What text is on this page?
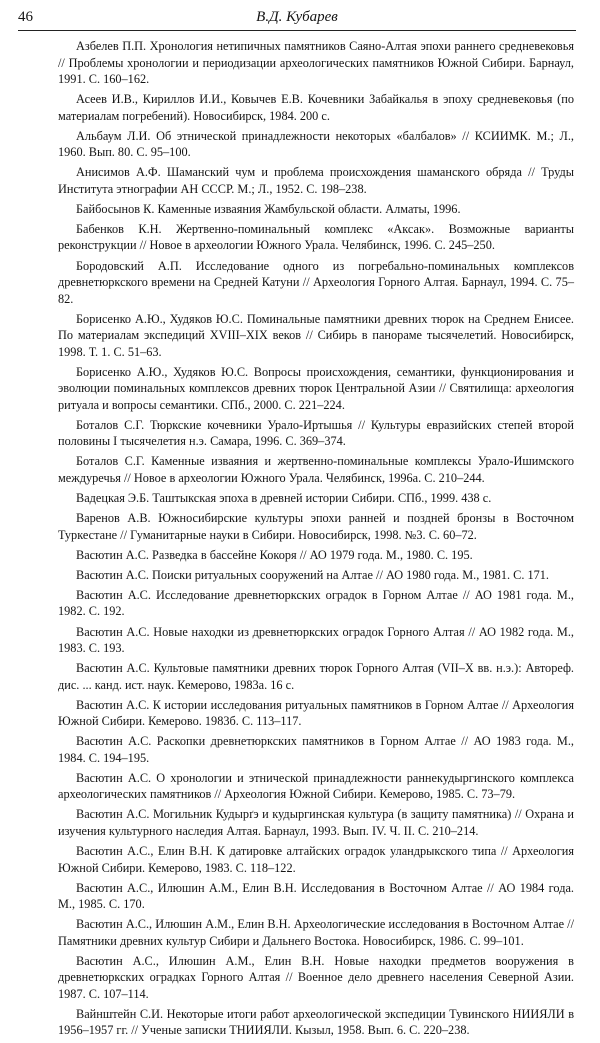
46	В.Д. Кубарев

Азбелев П.П. Хронология нетипичных памятников Саяно-Алтая эпохи раннего средневековья // Проблемы хронологии и периодизации археологических памятников Южной Сибири. Барнаул, 1991. С. 160–162.

Асеев И.В., Кириллов И.И., Ковычев Е.В. Кочевники Забайкалья в эпоху средневековья (по материалам погребений). Новосибирск, 1984. 200 с.

Альбаум Л.И. Об этнической принадлежности некоторых «балбалов» // КСИИМК. М.; Л., 1960. Вып. 80. С. 95–100.

Анисимов А.Ф. Шаманский чум и проблема происхождения шаманского обряда // Труды Института этнографии АН СССР. М.; Л., 1952. С. 198–238.

Байбосынов К. Каменные изваяния Жамбульской области. Алматы, 1996.

Бабенков К.Н. Жертвенно-поминальный комплекс «Аксак». Возможные варианты реконструкции // Новое в археологии Южного Урала. Челябинск, 1996. С. 245–250.

Бородовский А.П. Исследование одного из погребально-поминальных комплексов древнетюркского времени на Средней Катуни // Археология Горного Алтая. Барнаул, 1994. С. 75–82.

Борисенко А.Ю., Худяков Ю.С. Поминальные памятники древних тюрок на Среднем Енисее. По материалам экспедиций XVIII–XIX веков // Сибирь в панораме тысячелетий. Новосибирск, 1998. Т. 1. С. 51–63.

Борисенко А.Ю., Худяков Ю.С. Вопросы происхождения, семантики, функционирования и эволюции поминальных комплексов древних тюрок Центральной Азии // Святилища: археология ритуала и вопросы семантики. СПб., 2000. С. 221–224.

Боталов С.Г. Тюркские кочевники Урало-Иртышья // Культуры евразийских степей второй половины I тысячелетия н.э. Самара, 1996. С. 369–374.

Боталов С.Г. Каменные изваяния и жертвенно-поминальные комплексы Урало-Ишимского междуречья // Новое в археологии Южного Урала. Челябинск, 1996а. С. 210–244.

Вадецкая Э.Б. Таштыкская эпоха в древней истории Сибири. СПб., 1999. 438 с.

Варенов А.В. Южносибирские культуры эпохи ранней и поздней бронзы в Восточном Туркестане // Гуманитарные науки в Сибири. Новосибирск, 1998. №3. С. 60–72.

Васютин А.С. Разведка в бассейне Кокоря // АО 1979 года. М., 1980. С. 195.

Васютин А.С. Поиски ритуальных сооружений на Алтае // АО 1980 года. М., 1981. С. 171.

Васютин А.С. Исследование древнетюркских оградок в Горном Алтае // АО 1981 года. М., 1982. С. 192.

Васютин А.С. Новые находки из древнетюркских оградок Горного Алтая // АО 1982 года. М., 1983. С. 193.

Васютин А.С. Культовые памятники древних тюрок Горного Алтая (VII–X вв. н.э.): Автореф. дис. ... канд. ист. наук. Кемерово, 1983а. 16 с.

Васютин А.С. К истории исследования ритуальных памятников в Горном Алтае // Археология Южной Сибири. Кемерово. 1983б. С. 113–117.

Васютин А.С. Раскопки древнетюркских памятников в Горном Алтае // АО 1983 года. М., 1984. С. 194–195.

Васютин А.С. О хронологии и этнической принадлежности раннекудыргинского комплекса археологических памятников // Археология Южной Сибири. Кемерово, 1985. С. 73–79.

Васютин А.С. Могильник Кудырґэ и кудыргинская культура (в защиту памятника) // Охрана и изучения культурного наследия Алтая. Барнаул, 1993. Вып. IV. Ч. II. С. 210–214.

Васютин А.С., Елин В.Н. К датировке алтайских оградок уландрыкского типа // Археология Южной Сибири. Кемерово, 1983. С. 118–122.

Васютин А.С., Илюшин А.М., Елин В.Н. Исследования в Восточном Алтае // АО 1984 года. М., 1985. С. 170.

Васютин А.С., Илюшин А.М., Елин В.Н. Археологические исследования в Восточном Алтае // Памятники древних культур Сибири и Дальнего Востока. Новосибирск, 1986. С. 99–101.

Васютин А.С., Илюшин А.М., Елин В.Н. Новые находки предметов вооружения в древнетюркских оградках Горного Алтая // Военное дело древнего населения Северной Азии. 1987. С. 107–114.

Вайнштейн С.И. Некоторые итоги работ археологической экспедиции Тувинского НИИЯЛИ в 1956–1957 гг. // Ученые записки ТНИИЯЛИ. Кызыл, 1958. Вып. 6. С. 220–238.
